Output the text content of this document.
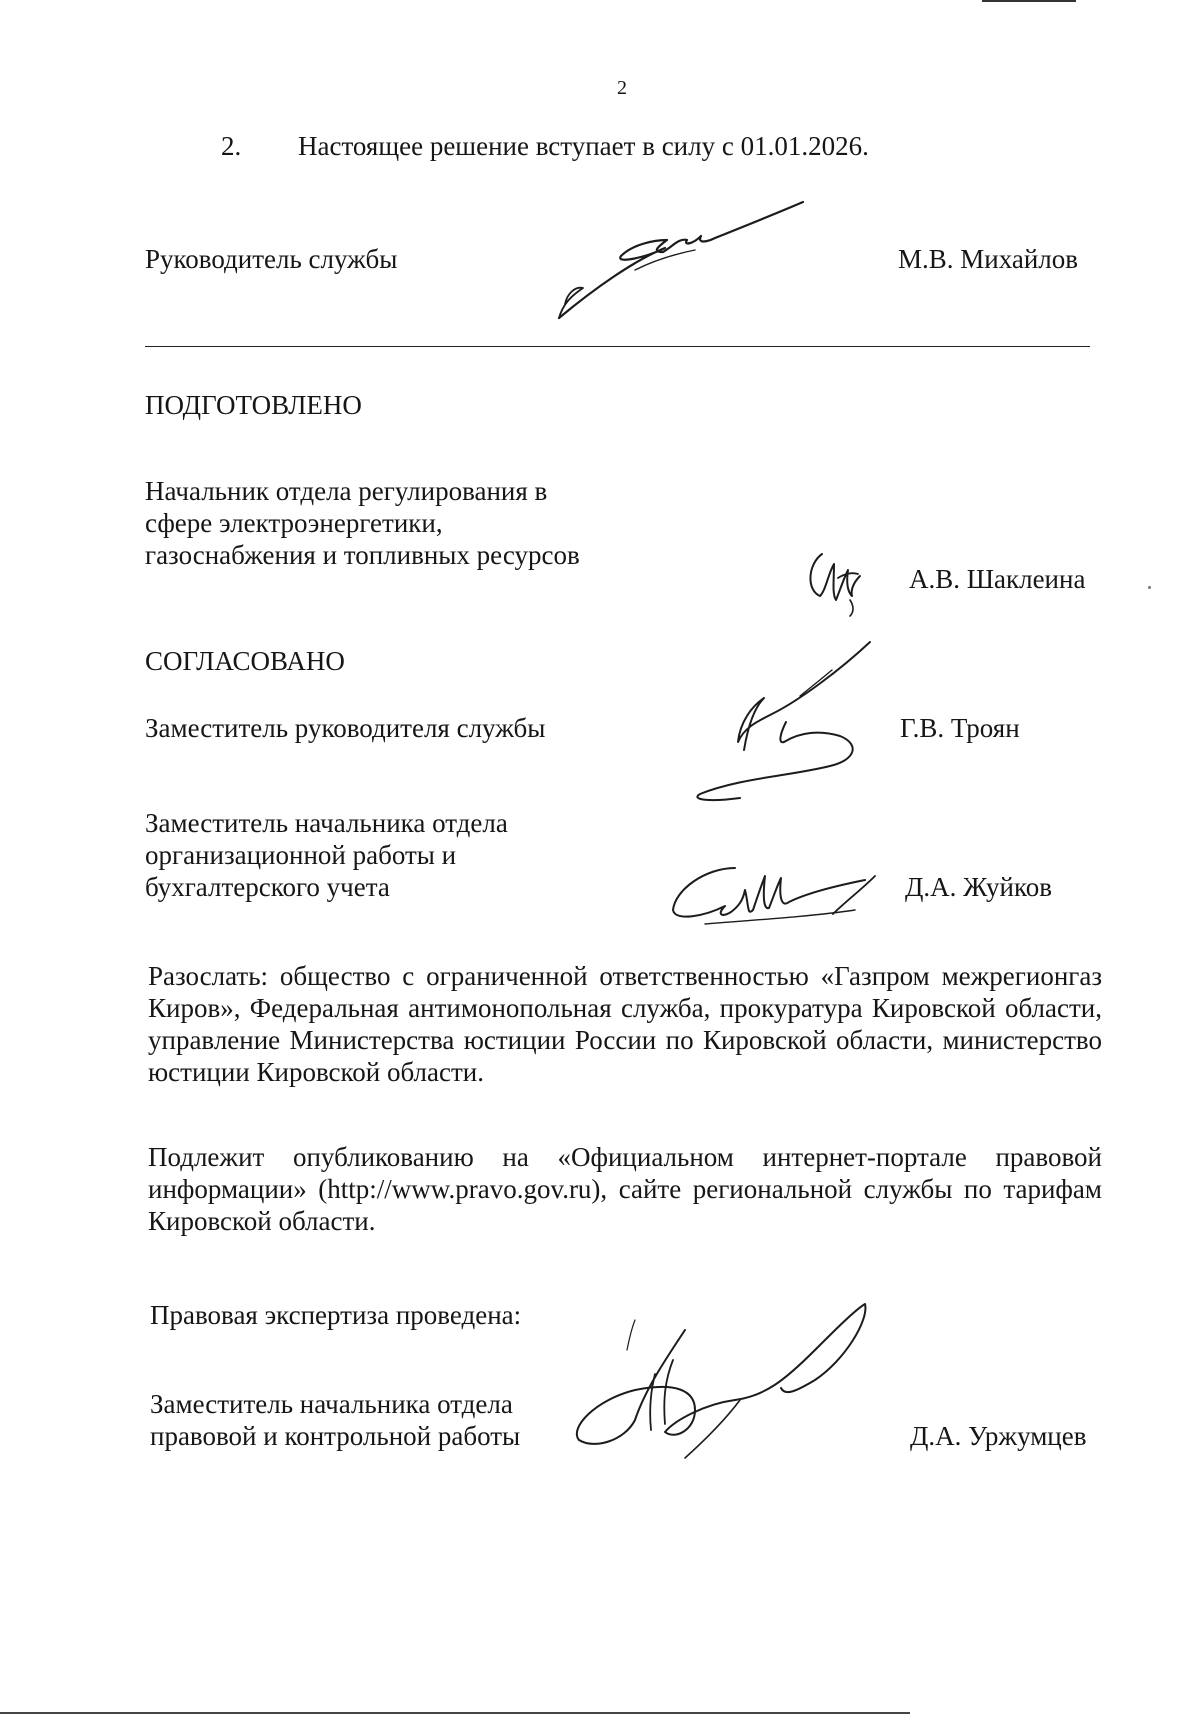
2
2. Настоящее решение вступает в силу с 01.01.2026.
Руководитель службы	М.В. Михайлов
ПОДГОТОВЛЕНО
Начальник отдела регулирования в
сфере электроэнергетики,
газоснабжения и топливных ресурсов
А.В. Шаклеина
СОГЛАСОВАНО
Заместитель руководителя службы	Г.В. Троян
Заместитель начальника отдела
организационной работы и
бухгалтерского учета	Д.А. Жуйков
Разослать: общество с ограниченной ответственностью «Газпром межрегионгаз Киров», Федеральная антимонопольная служба, прокуратура Кировской области, управление Министерства юстиции России по Кировской области, министерство юстиции Кировской области.
Подлежит опубликованию на «Официальном интернет-портале правовой информации» (http://www.pravo.gov.ru), сайте региональной службы по тарифам Кировской области.
Правовая экспертиза проведена:
Заместитель начальника отдела
правовой и контрольной работы	Д.А. Уржумцев
